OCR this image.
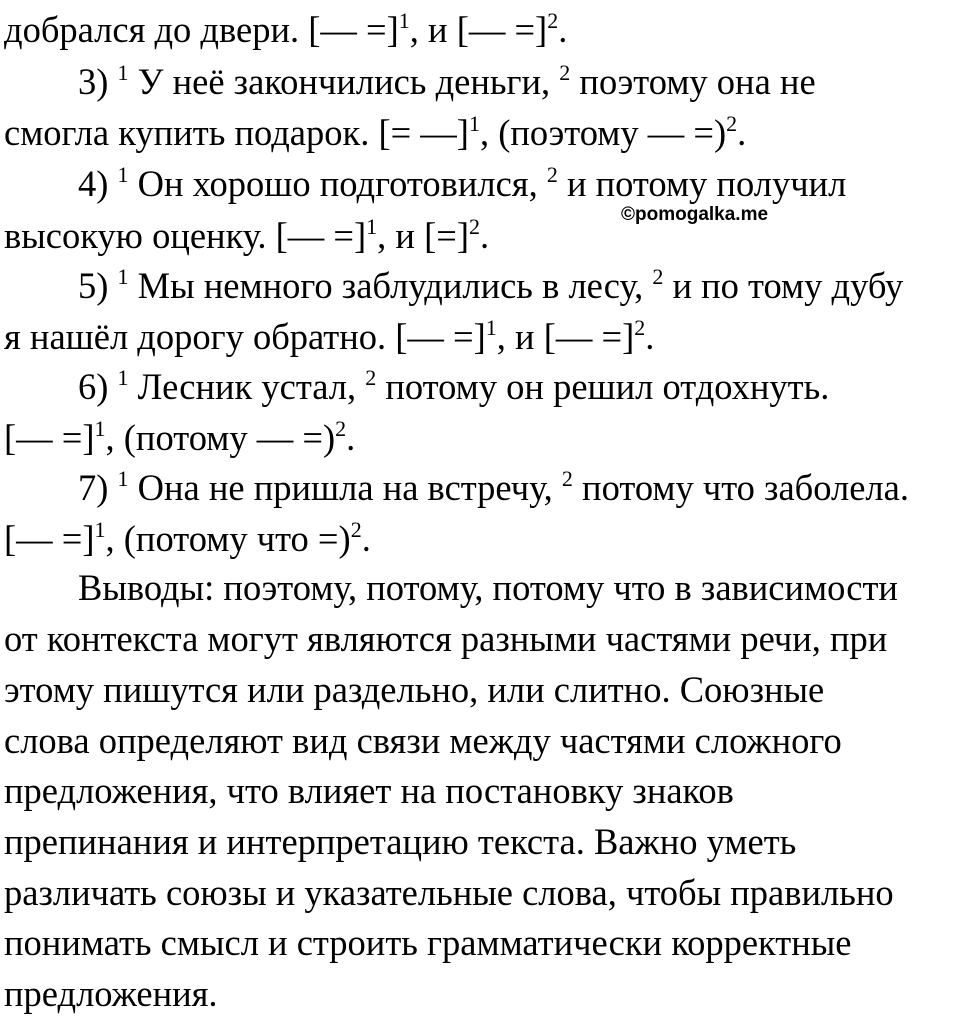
добрался до двери. [— =]$^1$, и [— =]$^2$.
3) $^1$ У неё закончились деньги, $^2$ поэтому она не
смогла купить подарок. [= —]$^1$, (поэтому — =)$^2$.
4) $^1$ Он хорошо подготовился, $^2$ и потому получил
высокую оценку. [— =]$^1$, и [=]$^2$.
5) $^1$ Мы немного заблудились в лесу, $^2$ и по тому дубу
я нашёл дорогу обратно. [— =]$^1$, и [— =]$^2$.
6) $^1$ Лесник устал, $^2$ потому он решил отдохнуть.
[— =]$^1$, (потому — =)$^2$.
7) $^1$ Она не пришла на встречу, $^2$ потому что заболела.
[— =]$^1$, (потому что =)$^2$.
Выводы: поэтому, потому, потому что в зависимости
от контекста могут являются разными частями речи, при
этому пишутся или раздельно, или слитно. Союзные
слова определяют вид связи между частями сложного
предложения, что влияет на постановку знаков
препинания и интерпретацию текста. Важно уметь
различать союзы и указательные слова, чтобы правильно
понимать смысл и строить грамматически корректные
предложения.
©pomogalka.me
